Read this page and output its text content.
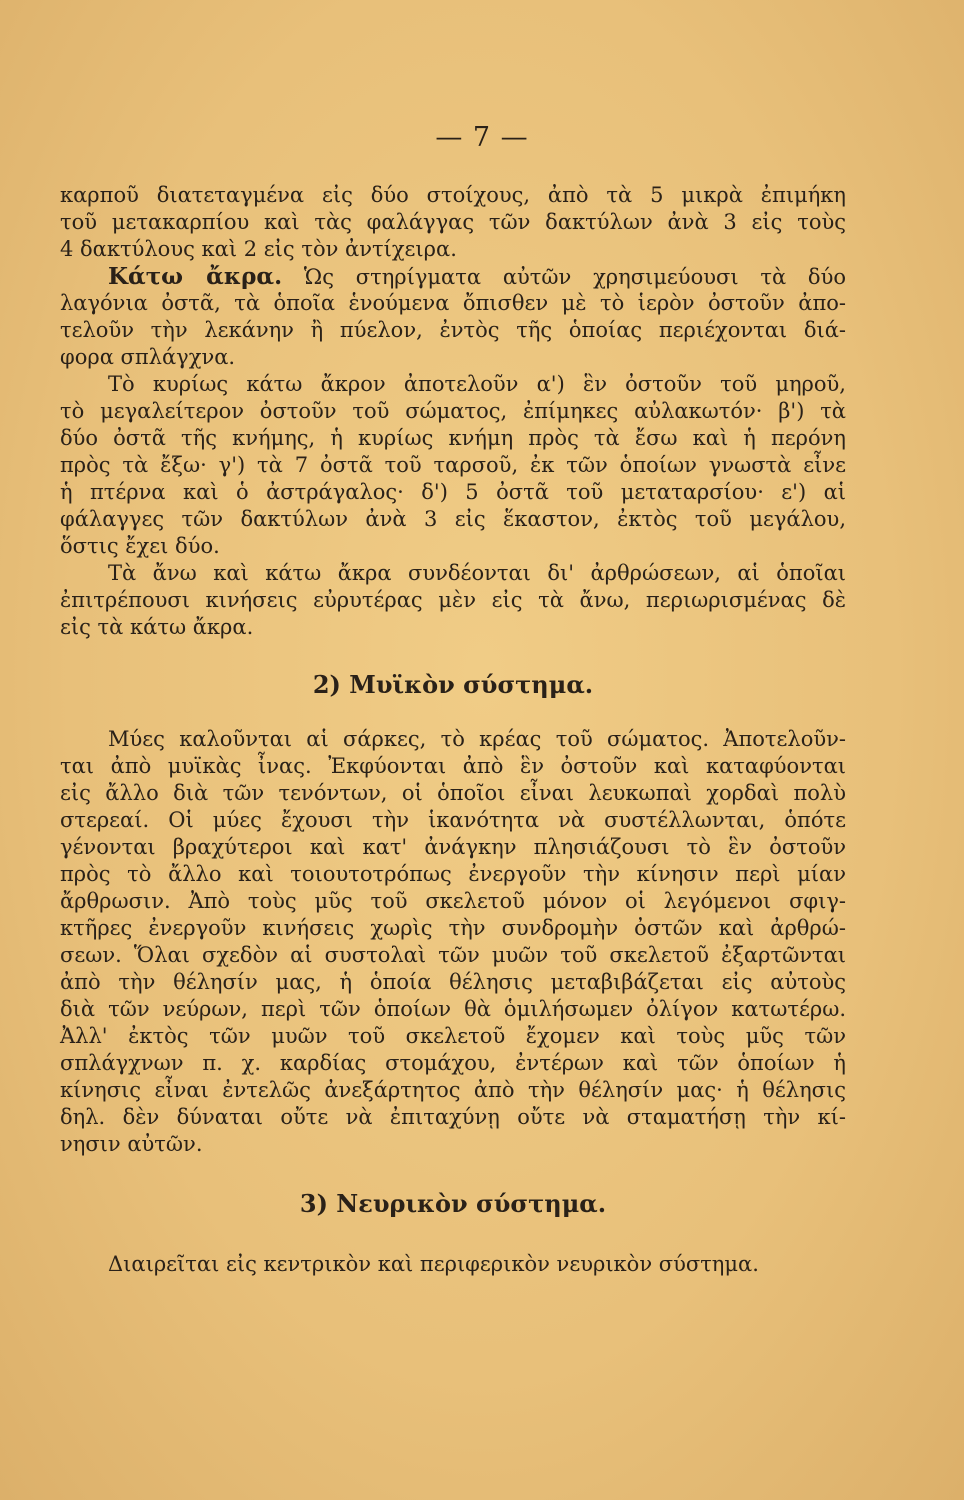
— 7 —
καρποῦ διατεταγμένα εἰς δύο στοίχους, ἀπὸ τὰ 5 μικρὰ ἐπιμήκη
τοῦ μετακαρπίου καὶ τὰς φαλάγγας τῶν δακτύλων ἀνὰ 3 εἰς τοὺς
4 δακτύλους καὶ 2 εἰς τὸν ἀντίχειρα.
Κάτω ἄκρα. Ὡς στηρίγματα αὐτῶν χρησιμεύουσι τὰ δύο
λαγόνια ὀστᾶ, τὰ ὁποῖα ἑνούμενα ὄπισθεν μὲ τὸ ἱερὸν ὀστοῦν ἀπο-
τελοῦν τὴν λεκάνην ἢ πύελον, ἐντὸς τῆς ὁποίας περιέχονται διά-
φορα σπλάγχνα.
Τὸ κυρίως κάτω ἄκρον ἀποτελοῦν α') ἓν ὀστοῦν τοῦ μηροῦ,
τὸ μεγαλείτερον ὀστοῦν τοῦ σώματος, ἐπίμηκες αὐλακωτόν· β') τὰ
δύο ὀστᾶ τῆς κνήμης, ἡ κυρίως κνήμη πρὸς τὰ ἔσω καὶ ἡ περόνη
πρὸς τὰ ἔξω· γ') τὰ 7 ὀστᾶ τοῦ ταρσοῦ, ἐκ τῶν ὁποίων γνωστὰ εἶνε
ἡ πτέρνα καὶ ὁ ἀστράγαλος· δ') 5 ὀστᾶ τοῦ μεταταρσίου· ε') αἱ
φάλαγγες τῶν δακτύλων ἀνὰ 3 εἰς ἕκαστον, ἐκτὸς τοῦ μεγάλου,
ὅστις ἔχει δύο.
Τὰ ἄνω καὶ κάτω ἄκρα συνδέονται δι' ἀρθρώσεων, αἱ ὁποῖαι
ἐπιτρέπουσι κινήσεις εὐρυτέρας μὲν εἰς τὰ ἄνω, περιωρισμένας δὲ
εἰς τὰ κάτω ἄκρα.
2) Μυϊκὸν σύστημα.
Μύες καλοῦνται αἱ σάρκες, τὸ κρέας τοῦ σώματος. Ἀποτελοῦν-
ται ἀπὸ μυϊκὰς ἶνας. Ἐκφύονται ἀπὸ ἓν ὀστοῦν καὶ καταφύονται
εἰς ἄλλο διὰ τῶν τενόντων, οἱ ὁποῖοι εἶναι λευκωπαὶ χορδαὶ πολὺ
στερεαί. Οἱ μύες ἔχουσι τὴν ἱκανότητα νὰ συστέλλωνται, ὁπότε
γένονται βραχύτεροι καὶ κατ' ἀνάγκην πλησιάζουσι τὸ ἓν ὀστοῦν
πρὸς τὸ ἄλλο καὶ τοιουτοτρόπως ἐνεργοῦν τὴν κίνησιν περὶ μίαν
ἄρθρωσιν. Ἀπὸ τοὺς μῦς τοῦ σκελετοῦ μόνον οἱ λεγόμενοι σφιγ-
κτῆρες ἐνεργοῦν κινήσεις χωρὶς τὴν συνδρομὴν ὀστῶν καὶ ἀρθρώ-
σεων. Ὅλαι σχεδὸν αἱ συστολαὶ τῶν μυῶν τοῦ σκελετοῦ ἐξαρτῶνται
ἀπὸ τὴν θέλησίν μας, ἡ ὁποία θέλησις μεταβιβάζεται εἰς αὐτοὺς
διὰ τῶν νεύρων, περὶ τῶν ὁποίων θὰ ὁμιλήσωμεν ὀλίγον κατωτέρω.
Ἀλλ' ἐκτὸς τῶν μυῶν τοῦ σκελετοῦ ἔχομεν καὶ τοὺς μῦς τῶν
σπλάγχνων π. χ. καρδίας στομάχου, ἐντέρων καὶ τῶν ὁποίων ἡ
κίνησις εἶναι ἐντελῶς ἀνεξάρτητος ἀπὸ τὴν θέλησίν μας· ἡ θέλησις
δηλ. δὲν δύναται οὔτε νὰ ἐπιταχύνῃ οὔτε νὰ σταματήσῃ τὴν κί-
νησιν αὐτῶν.
3) Νευρικὸν σύστημα.
Διαιρεῖται εἰς κεντρικὸν καὶ περιφερικὸν νευρικὸν σύστημα.
